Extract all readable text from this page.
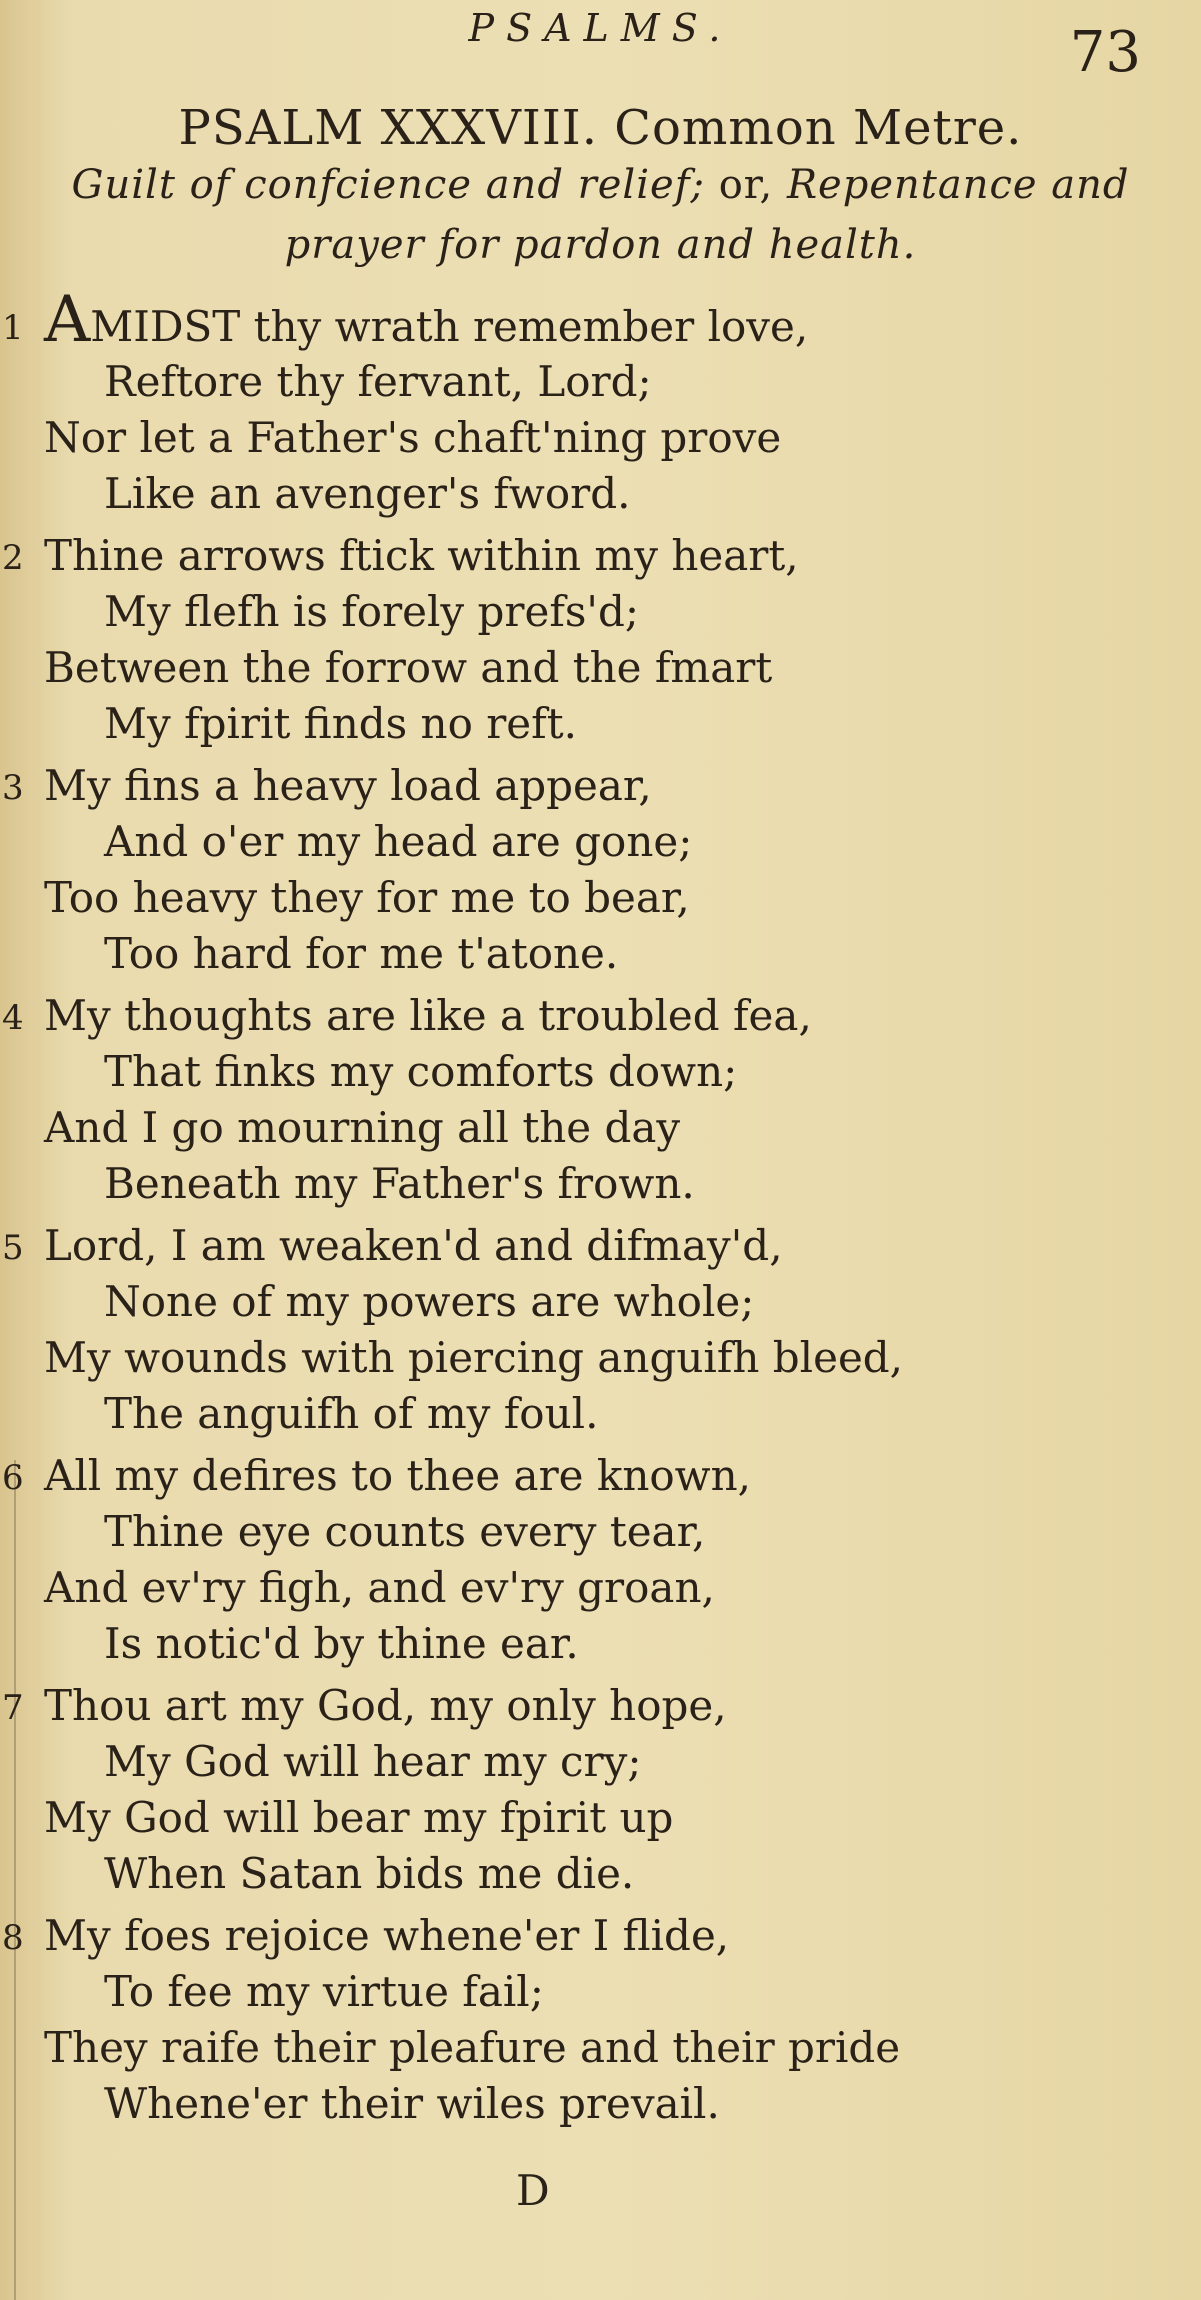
PSALMS.	73
PSALM XXXVIII. Common Metre.
Guilt of confcience and relief; or, Repentance and
prayer for pardon and health.
1 AMIDST thy wrath remember love,
Reftore thy fervant, Lord;
Nor let a Father's chaft'ning prove
Like an avenger's fword.
2 Thine arrows ftick within my heart,
My flefh is forely prefs'd;
Between the forrow and the fmart
My fpirit finds no reft.
3 My fins a heavy load appear,
And o'er my head are gone;
Too heavy they for me to bear,
Too hard for me t'atone.
4 My thoughts are like a troubled fea,
That finks my comforts down;
And I go mourning all the day
Beneath my Father's frown.
5 Lord, I am weaken'd and difmay'd,
None of my powers are whole;
My wounds with piercing anguifh bleed,
The anguifh of my foul.
6 All my defires to thee are known,
Thine eye counts every tear,
And ev'ry figh, and ev'ry groan,
Is notic'd by thine ear.
7 Thou art my God, my only hope,
My God will hear my cry;
My God will bear my fpirit up
When Satan bids me die.
8 My foes rejoice whene'er I flide,
To fee my virtue fail;
They raife their pleafure and their pride
Whene'er their wiles prevail.
D
